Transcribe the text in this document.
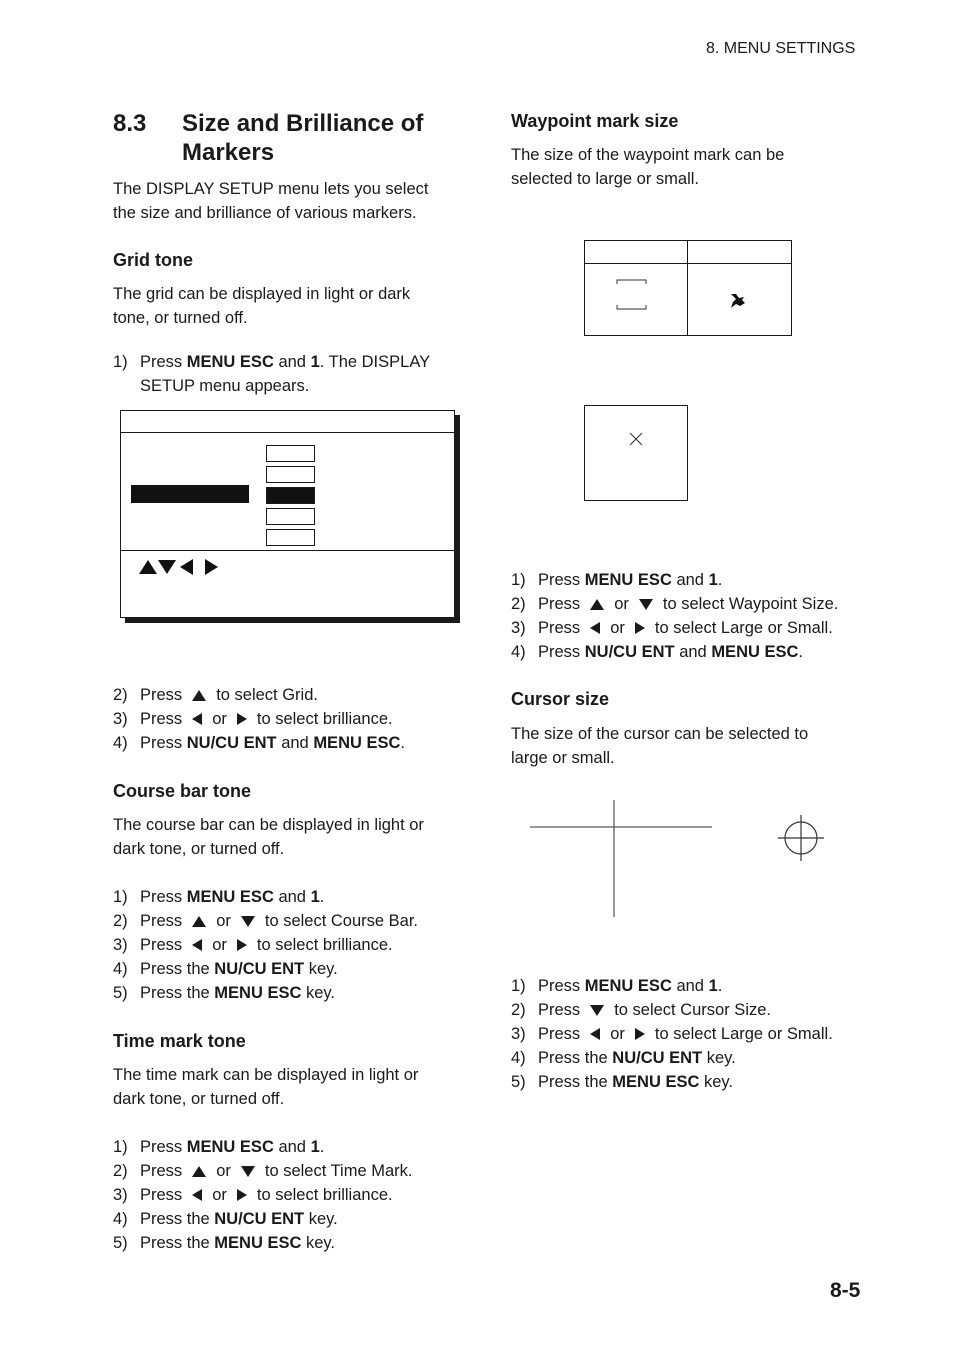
8. MENU SETTINGS
8.3 Size and Brilliance of
Markers
The DISPLAY SETUP menu lets you select
the size and brilliance of various markers.
Grid tone
The grid can be displayed in light or dark
tone, or turned off.
1) Press MENU ESC and 1 . The DISPLAY
SETUP menu appears.
2) Press to select Grid.
3) Press or to select brilliance.
4) Press NU/CU ENT and MENU ESC .
Course bar tone
The course bar can be displayed in light or
dark tone, or turned off.
1) Press MENU ESC and 1 .
2) Press or to select Course Bar.
3) Press or to select brilliance.
4) Press the NU/CU ENT key.
5) Press the MENU ESC key.
Time mark tone
The time mark can be displayed in light or
dark tone, or turned off.
1) Press MENU ESC and 1 .
2) Press or to select Time Mark.
3) Press or to select brilliance.
4) Press the NU/CU ENT key.
5) Press the MENU ESC key.
Waypoint mark size
The size of the waypoint mark can be
selected to large or small.
1) Press MENU ESC and 1 .
2) Press or to select Waypoint Size.
3) Press or to select Large or Small.
4) Press NU/CU ENT and MENU ESC .
Cursor size
The size of the cursor can be selected to
large or small.
1) Press MENU ESC and 1 .
2) Press to select Cursor Size.
3) Press or to select Large or Small.
4) Press the NU/CU ENT key.
5) Press the MENU ESC key.
8-5
